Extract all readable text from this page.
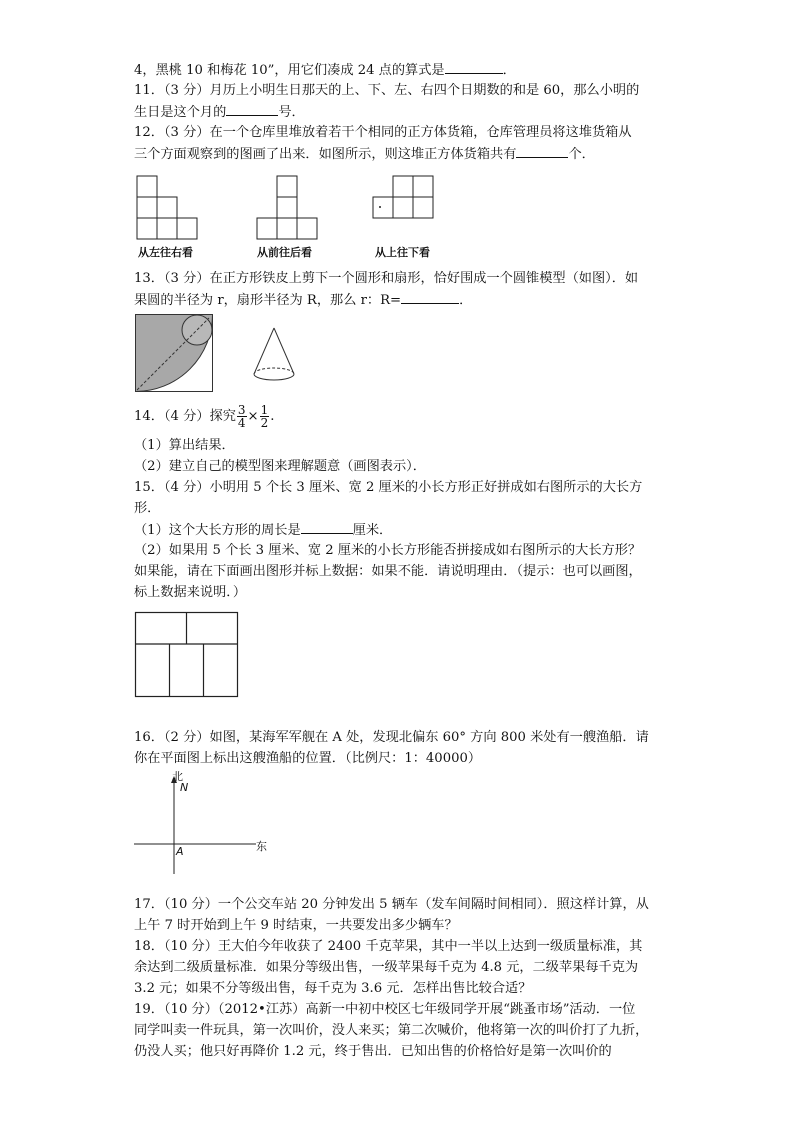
4，黑桃 10 和梅花 10”，用它们凑成 24 点的算式是	．
11．（3 分）月历上小明生日那天的上、下、左、右四个日期数的和是 60，那么小明的
生日是这个月的	号．
12．（3 分）在一个仓库里堆放着若干个相同的正方体货箱，仓库管理员将这堆货箱从
三个方面观察到的图画了出来．如图所示，则这堆正方体货箱共有	个．
从左往右看	从前往后看	从上往下看
13．（3 分）在正方形铁皮上剪下一个圆形和扇形，恰好围成一个圆锥模型（如图）．如
果圆的半径为 r，扇形半径为 R，那么 r：R=	．
14．（4 分）探究 $\frac{3}{4} \times \frac{1}{2}$ .
（1）算出结果．
（2）建立自己的模型图来理解题意（画图表示）．
15．（4 分）小明用 5 个长 3 厘米、宽 2 厘米的小长方形正好拼成如右图所示的大长方
形．
（1）这个大长方形的周长是	厘米．
（2）如果用 5 个长 3 厘米、宽 2 厘米的小长方形能否拼接成如右图所示的大长方形？
如果能，请在下面画出图形并标上数据：如果不能．请说明理由．（提示：也可以画图，
标上数据来说明．）
16．（2 分）如图，某海军军舰在 A 处，发现北偏东 60° 方向 800 米处有一艘渔船．请
你在平面图上标出这艘渔船的位置．（比例尺：1：40000）
北
N
东
A
17．（10 分）一个公交车站 20 分钟发出 5 辆车（发车间隔时间相同）．照这样计算，从
上午 7 时开始到上午 9 时结束，一共要发出多少辆车？
18．（10 分）王大伯今年收获了 2400 千克苹果，其中一半以上达到一级质量标准，其
余达到二级质量标准．如果分等级出售，一级苹果每千克为 4.8 元，二级苹果每千克为
3.2 元；如果不分等级出售，每千克为 3.6 元．怎样出售比较合适？
19．（10 分）（2012•江苏）高新一中初中校区七年级同学开展“跳蚤市场”活动．一位
同学叫卖一件玩具，第一次叫价，没人来买；第二次喊价，他将第一次的叫价打了九折，
仍没人买；他只好再降价 1.2 元，终于售出．已知出售的价格恰好是第一次叫价的
